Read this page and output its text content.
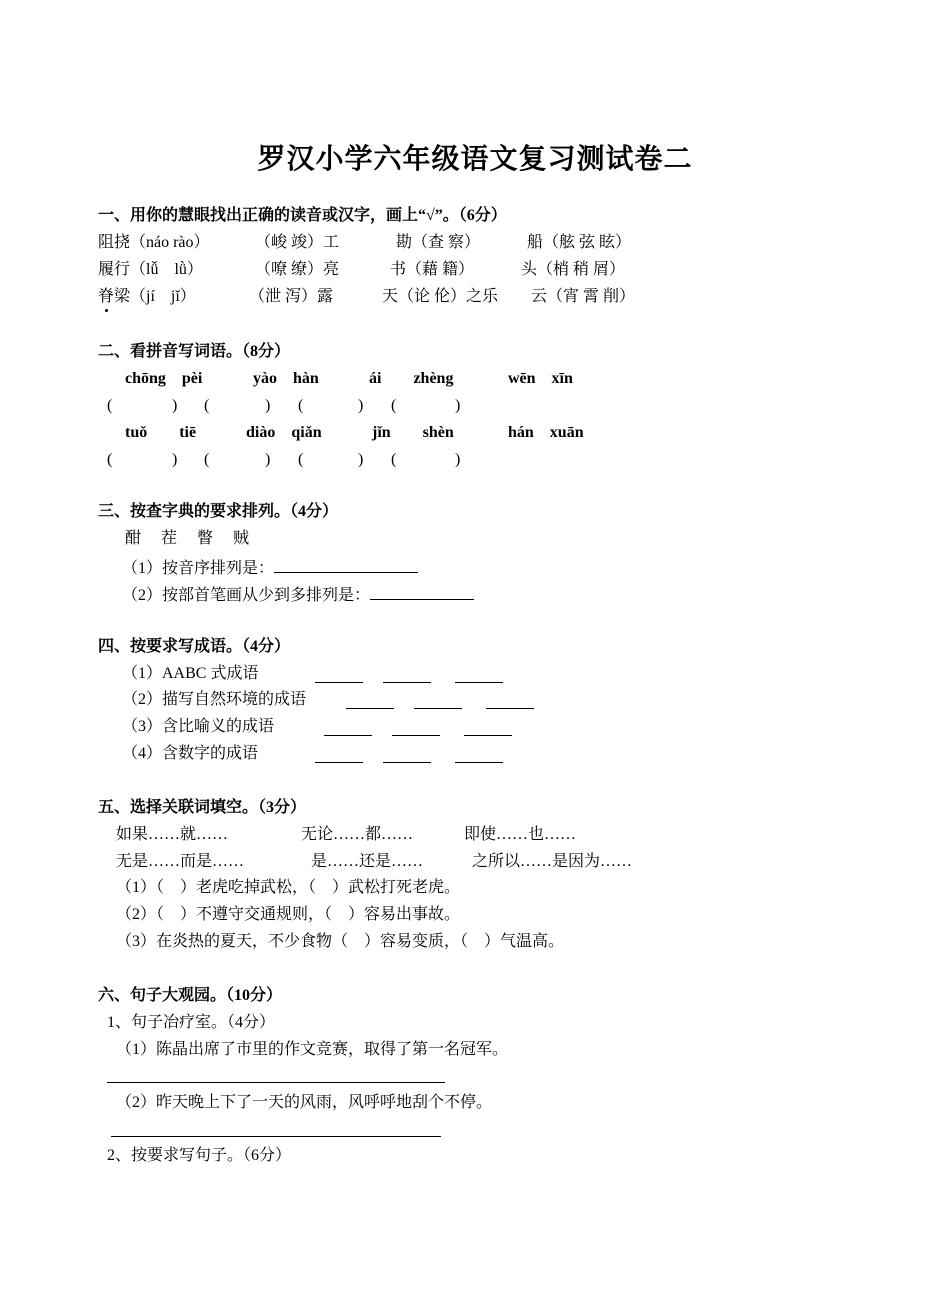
罗汉小学六年级语文复习测试卷二
一、用你的慧眼找出正确的读音或汉字，画上“√”。（6分）
阻挠（náo rào）	（峻 竣）工	勘（查 察）	船（舷 弦 眩）
履行（lǚ　lǜ）	（嘹 缭）亮	书（藉 籍）	头（梢 稍 屑）
脊梁（jí　jǐ）	（泄 泻）露	天（论 伦）之乐 云（宵 霄 削）
二、看拼音写词语。（8分）
chōng　pèi	yào　hàn	ái　　zhèng	wēn　xīn
(	) (	) (	) (	)
tuǒ　　tiē	diào　qiǎn	jǐn　　shèn	hán　xuān
(	) (	) (	) (	)
三、按查字典的要求排列。（4分）
酣　 茬　 瞥　 贼
（1）按音序排列是：
（2）按部首笔画从少到多排列是：
四、按要求写成语。（4分）
（1）AABC 式成语
（2）描写自然环境的成语
（3）含比喻义的成语
（4）含数字的成语
五、选择关联词填空。（3分）
如果……就……	无论……都……	即使……也……
无是……而是……	是……还是……	之所以……是因为……
（1）（　）老虎吃掉武松，（　）武松打死老虎。
（2）（　）不遵守交通规则，（　）容易出事故。
（3）在炎热的夏天，不少食物（　）容易变质，（　）气温高。
六、句子大观园。（10分）
1、句子冶疗室。（4分）
（1）陈晶出席了市里的作文竞赛，取得了第一名冠军。
（2）昨天晚上下了一天的风雨，风呼呼地刮个不停。
2、按要求写句子。（6分）
